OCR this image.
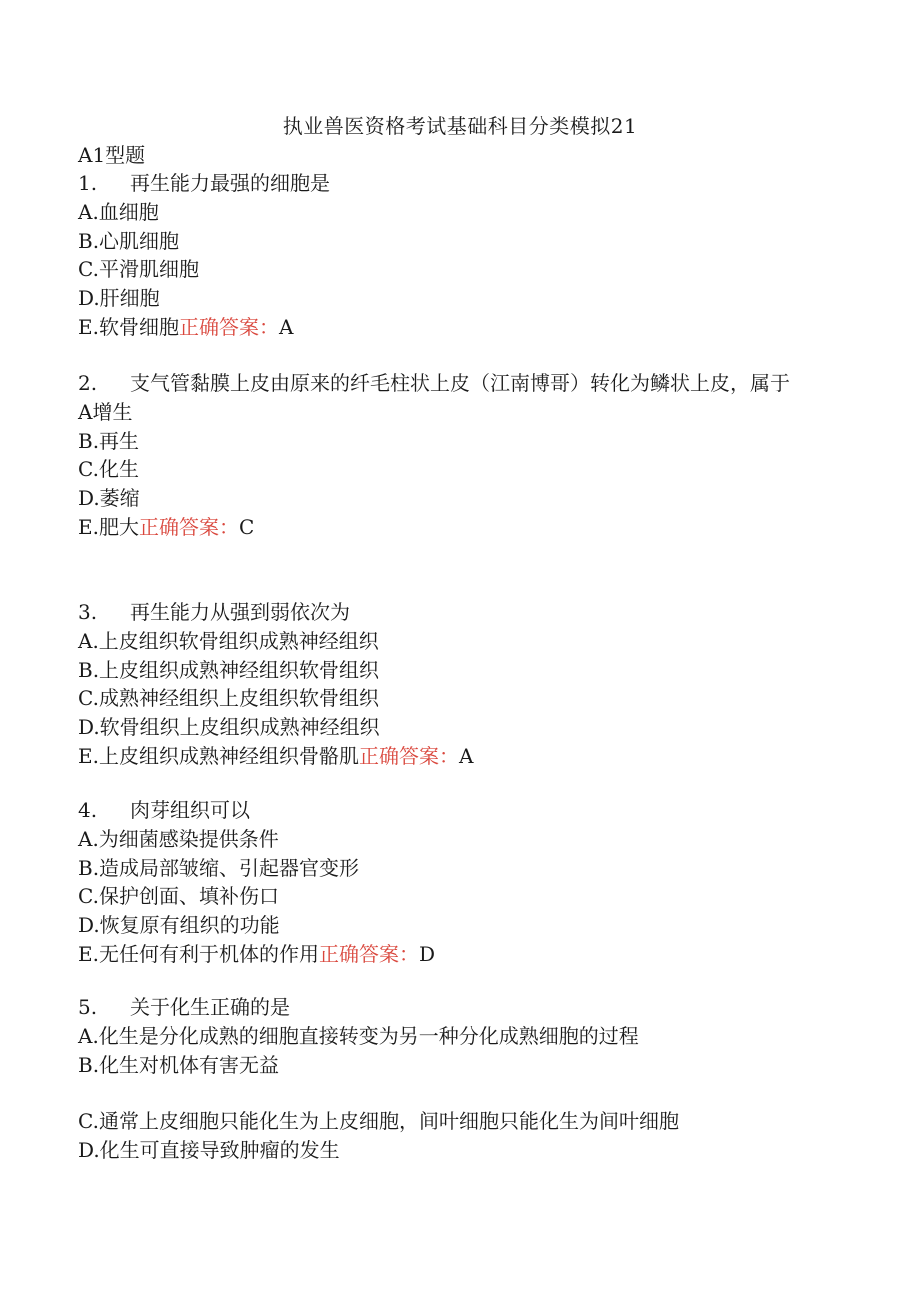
执业兽医资格考试基础科目分类模拟21
A1型题
1. 再生能力最强的细胞是
A.血细胞
B.心肌细胞
C.平滑肌细胞
D.肝细胞
E.软骨细胞正确答案：A
2. 支气管黏膜上皮由原来的纤毛柱状上皮（江南博哥）转化为鳞状上皮，属于
A增生
B.再生
C.化生
D.萎缩
E.肥大正确答案：C
3. 再生能力从强到弱依次为
A.上皮组织软骨组织成熟神经组织
B.上皮组织成熟神经组织软骨组织
C.成熟神经组织上皮组织软骨组织
D.软骨组织上皮组织成熟神经组织
E.上皮组织成熟神经组织骨骼肌正确答案：A
4. 肉芽组织可以
A.为细菌感染提供条件
B.造成局部皱缩、引起器官变形
C.保护创面、填补伤口
D.恢复原有组织的功能
E.无任何有利于机体的作用正确答案：D
5. 关于化生正确的是
A.化生是分化成熟的细胞直接转变为另一种分化成熟细胞的过程
B.化生对机体有害无益
C.通常上皮细胞只能化生为上皮细胞，间叶细胞只能化生为间叶细胞
D.化生可直接导致肿瘤的发生
